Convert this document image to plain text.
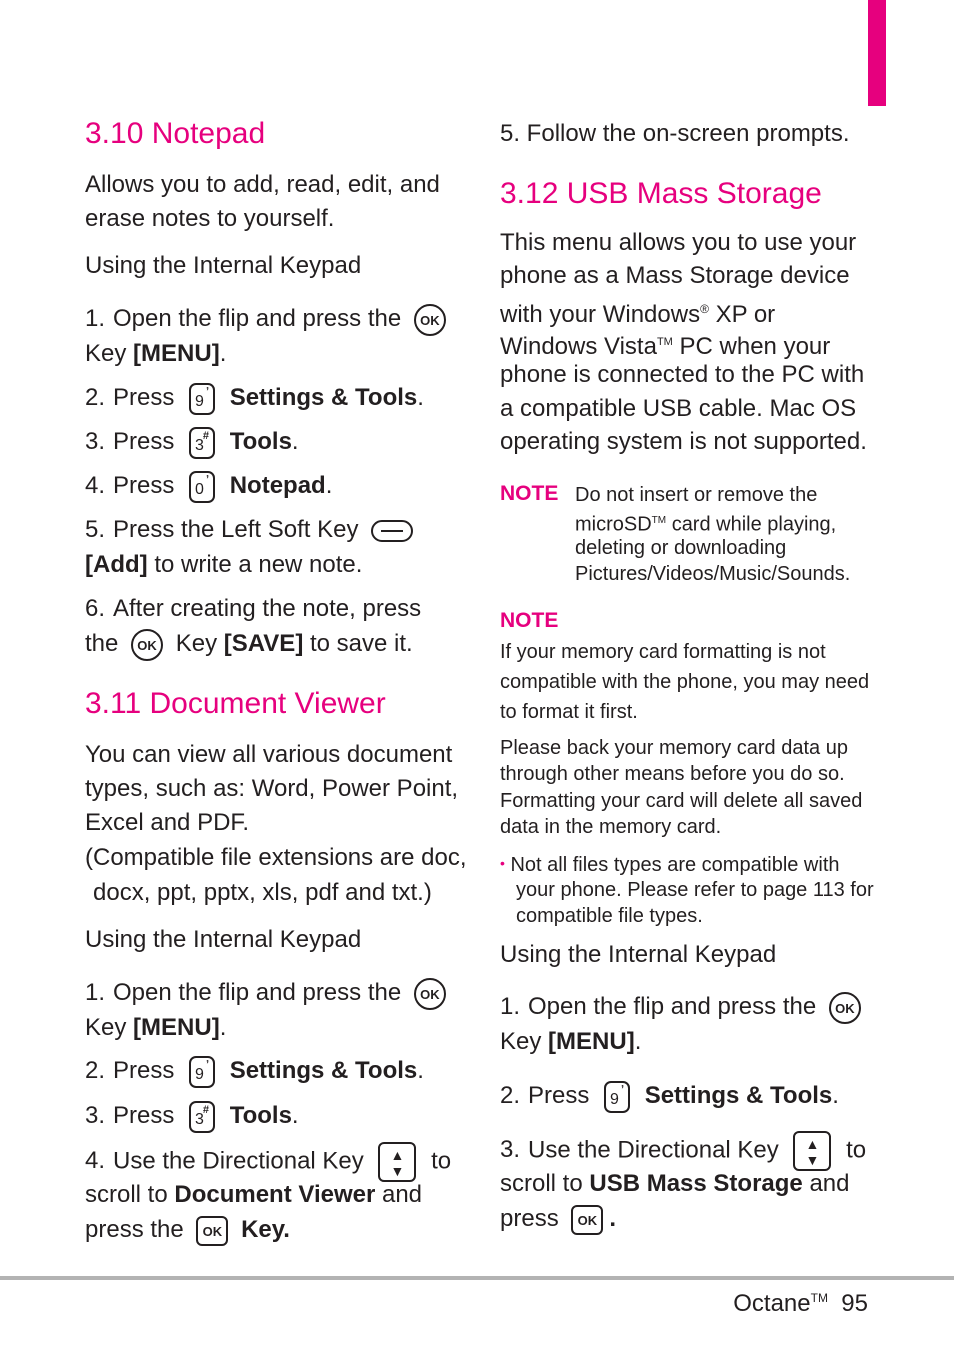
3.10 Notepad
Allows you to add, read, edit, and
erase notes to yourself.
Using the Internal Keypad
1. Open the flip and press the OK
Key [MENU].
2. Press 9
ʼ Settings & Tools.
3. Press 3
# Tools.
4. Press 0
ʼ Notepad.
5. Press the Left Soft Key
[Add] to write a new note.
6. After creating the note, press
the OK Key [SAVE] to save it.
3.11 Document Viewer
You can view all various document
types, such as: Word, Power Point,
Excel and PDF.
(Compatible file extensions are doc,
docx, ppt, pptx, xls, pdf and txt.)
Using the Internal Keypad
1. Open the flip and press the OK
Key [MENU].
2. Press 9
ʼ Settings & Tools.
3. Press 3
# Tools.
4. Use the Directional Key ▲
▼ to
scroll to Document Viewer and
press the OK Key.
5. Follow the on-screen prompts.
3.12 USB Mass Storage
This menu allows you to use your
phone as a Mass Storage device
with your Windows® XP or
Windows Vista™ PC when your
phone is connected to the PC with
a compatible USB cable. Mac OS
operating system is not supported.
NOTE Do not insert or remove the
microSD™ card while playing,
deleting or downloading
Pictures/Videos/Music/Sounds.
NOTE
If your memory card formatting is not
compatible with the phone, you may need
to format it first.
Please back your memory card data up
through other means before you do so.
Formatting your card will delete all saved
data in the memory card.
• Not all files types are compatible with
your phone. Please refer to page 113 for
compatible file types.
Using the Internal Keypad
1. Open the flip and press the OK
Key [MENU].
2. Press 9
ʼ Settings & Tools.
3. Use the Directional Key ▲
▼ to
scroll to USB Mass Storage and
press OK .
Octane™ 95
